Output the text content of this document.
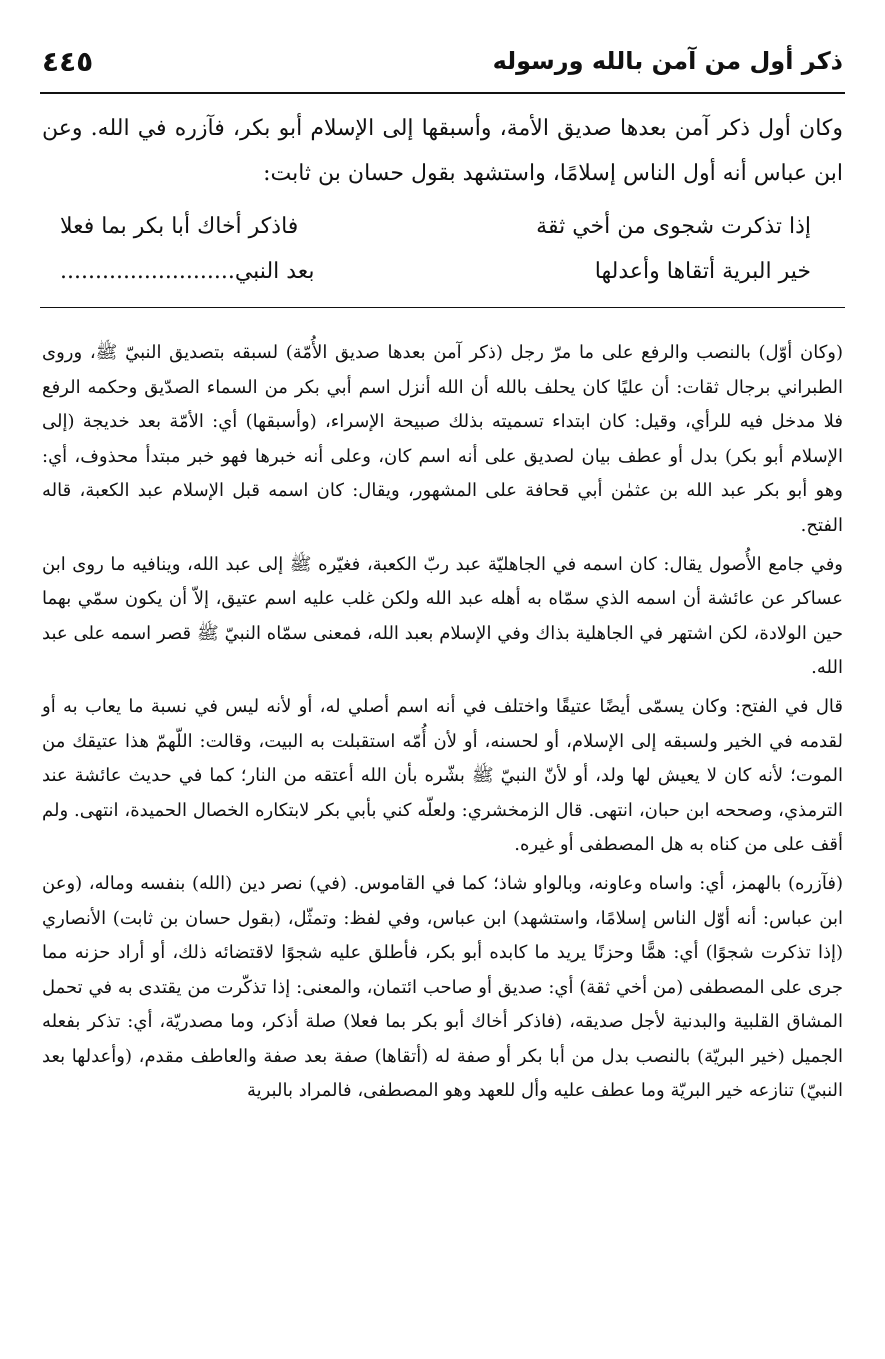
ذكر أول من آمن بالله ورسوله
٤٤٥

وكان أول ذكر آمن بعدها صديق الأمة، وأسبقها إلى الإسلام أبو بكر، فآزره في الله. وعن ابن عباس أنه أول الناس إسلامًا، واستشهد بقول حسان بن ثابت:

إذا تذكرت شجوى من أخي ثقة
فاذكر أخاك أبا بكر بما فعلا
خير البرية أتقاها وأعدلها
بعد النبي.........................

(وكان أوّل) بالنصب والرفع على ما مرّ رجل (ذكر آمن بعدها صديق الأُمّة) لسبقه بتصديق النبيّ ﷺ، وروى الطبراني برجال ثقات: أن عليًا كان يحلف بالله أن الله أنزل اسم أبي بكر من السماء الصدّيق وحكمه الرفع فلا مدخل فيه للرأي، وقيل: كان ابتداء تسميته بذلك صبيحة الإسراء، (وأسبقها) أي: الأمّة بعد خديجة (إلى الإسلام أبو بكر) بدل أو عطف بيان لصديق على أنه اسم كان، وعلى أنه خبرها فهو خبر مبتدأ محذوف، أي: وهو أبو بكر عبد الله بن عثمٰن أبي قحافة على المشهور، ويقال: كان اسمه قبل الإسلام عبد الكعبة، قاله الفتح.

وفي جامع الأُصول يقال: كان اسمه في الجاهليّة عبد ربّ الكعبة، فغيّره ﷺ إلى عبد الله، وينافيه ما روى ابن عساكر عن عائشة أن اسمه الذي سمّاه به أهله عبد الله ولكن غلب عليه اسم عتيق، إلاّ أن يكون سمّي بهما حين الولادة، لكن اشتهر في الجاهلية بذاك وفي الإسلام بعبد الله، فمعنى سمّاه النبيّ ﷺ قصر اسمه على عبد الله.

قال في الفتح: وكان يسمّى أيضًا عتيقًا واختلف في أنه اسم أصلي له، أو لأنه ليس في نسبة ما يعاب به أو لقدمه في الخير ولسبقه إلى الإسلام، أو لحسنه، أو لأن أُمّه استقبلت به البيت، وقالت: اللّهمّ هذا عتيقك من الموت؛ لأنه كان لا يعيش لها ولد، أو لأنّ النبيّ ﷺ بشّره بأن الله أعتقه من النار؛ كما في حديث عائشة عند الترمذي، وصححه ابن حبان، انتهى. قال الزمخشري: ولعلّه كني بأبي بكر لابتكاره الخصال الحميدة، انتهى. ولم أقف على من كناه به هل المصطفى أو غيره.

(فآزره) بالهمز، أي: واساه وعاونه، وبالواو شاذ؛ كما في القاموس. (في) نصر دين (الله) بنفسه وماله، (وعن ابن عباس: أنه أوّل الناس إسلامًا، واستشهد) ابن عباس، وفي لفظ: وتمثّل، (بقول حسان بن ثابت) الأنصاري (إذا تذكرت شجوًا) أي: همًّا وحزنًا يريد ما كابده أبو بكر، فأطلق عليه شجوًا لاقتضائه ذلك، أو أراد حزنه مما جرى على المصطفى (من أخي ثقة) أي: صديق أو صاحب ائتمان، والمعنى: إذا تذكّرت من يقتدى به في تحمل المشاق القلبية والبدنية لأجل صديقه، (فاذكر أخاك أبو بكر بما فعلا) صلة أذكر، وما مصدريّة، أي: تذكر بفعله الجميل (خير البريّة) بالنصب بدل من أبا بكر أو صفة له (أتقاها) صفة بعد صفة والعاطف مقدم، (وأعدلها بعد النبيّ) تنازعه خير البريّة وما عطف عليه وأل للعهد وهو المصطفى، فالمراد بالبرية
